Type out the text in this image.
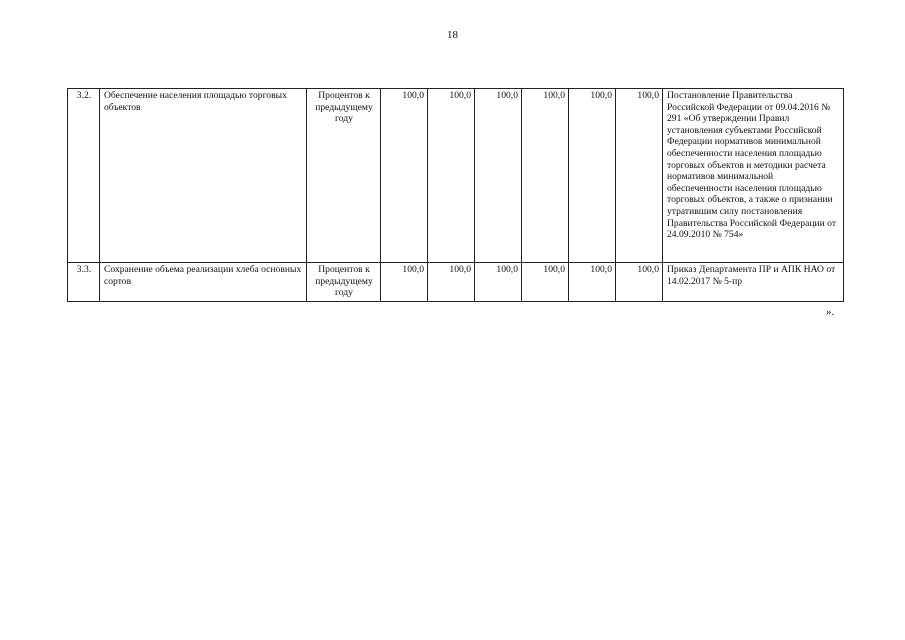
18
3.2.	Обеспечение населения площадью торговых объектов	Процентов к предыдущему году	100,0	100,0	100,0	100,0	100,0	100,0	Постановление Правительства Российской Федерации от 09.04.2016 № 291 «Об утверждении Правил установления субъектами Российской Федерации нормативов минимальной обеспеченности населения площадью торговых объектов и методики расчета нормативов минимальной обеспеченности населения площадью торговых объектов, а также о признании утратившим силу постановления Правительства Российской Федерации от 24.09.2010 № 754»
3.3.	Сохранение объема реализации хлеба основных сортов	Процентов к предыдущему году	100,0	100,0	100,0	100,0	100,0	100,0	Приказ Департамента ПР и АПК НАО от 14.02.2017 № 5-пр
».
